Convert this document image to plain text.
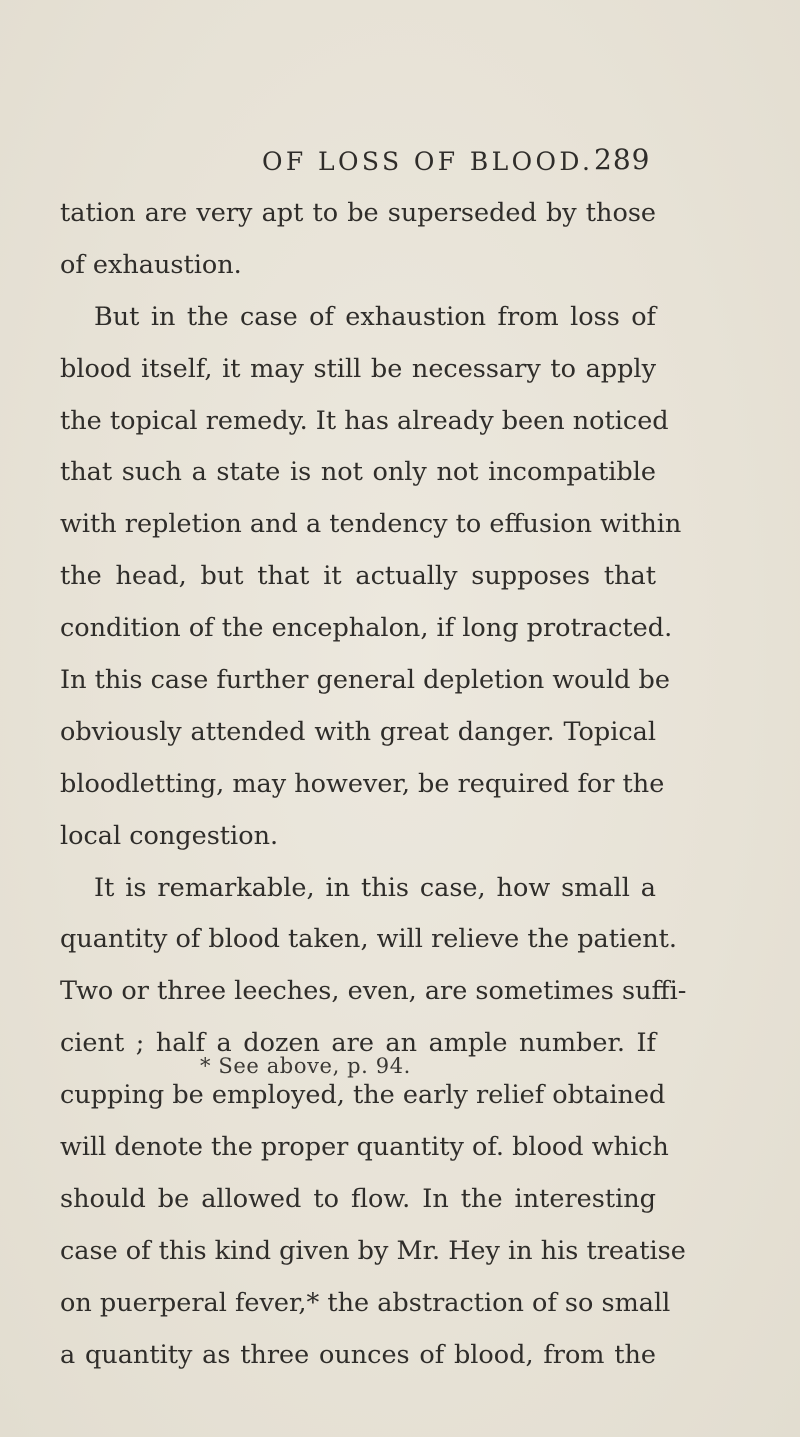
OF LOSS OF BLOOD. 289
tation are very apt to be superseded by those
of exhaustion.
But in the case of exhaustion from loss of
blood itself, it may still be necessary to apply
the topical remedy. It has already been noticed
that such a state is not only not incompatible
with repletion and a tendency to effusion within
the head, but that it actually supposes that
condition of the encephalon, if long protracted.
In this case further general depletion would be
obviously attended with great danger. Topical
bloodletting, may however, be required for the
local congestion.
It is remarkable, in this case, how small a
quantity of blood taken, will relieve the patient.
Two or three leeches, even, are sometimes suffi-
cient ; half a dozen are an ample number. If
cupping be employed, the early relief obtained
will denote the proper quantity of. blood which
should be allowed to flow. In the interesting
case of this kind given by Mr. Hey in his treatise
on puerperal fever,* the abstraction of so small
a quantity as three ounces of blood, from the
* See above, p. 94.
